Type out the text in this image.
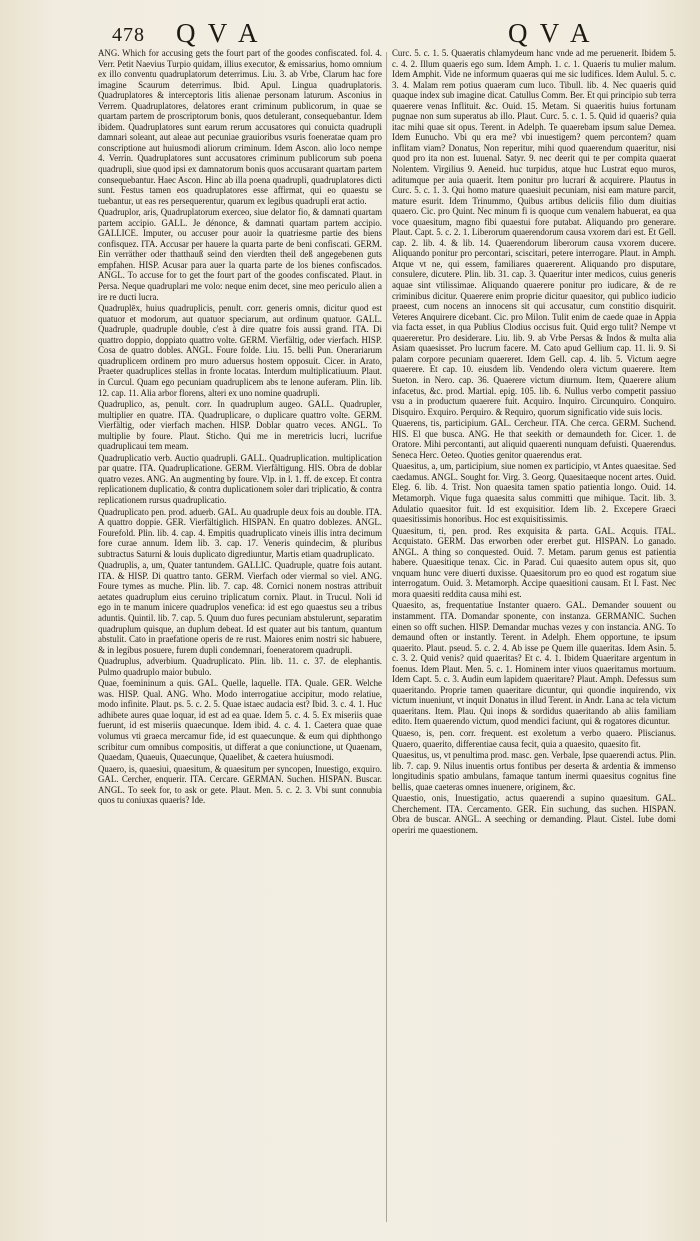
478 Q V A	Q V A

ANG. Which for accusing gets the fourt part of the goodes confiscated. fol. 4. Verr. Petit Naevius Turpio quidam, illius executor, & emissarius, homo omnium ex illo conventu quadruplatorum deterrimus. Liu. 3. ab Vrbe, Clarum hac fore imagine Scaurum deterrimus. Ibid. Apul. Lingua quadruplatoris. Quadruplatores & interceptoris litis alienae personam laturum. Asconius in Verrem. Quadruplatores, delatores erant criminum publicorum, in quae se quartam partem de proscriptorum bonis, quos detulerant, consequebantur. Idem ibidem. Quadruplatores sunt earum rerum accusatores qui conuicta quadrupli damnari soleant, aut aleae aut pecuniae grauioribus vsuris foeneratae quam pro conscriptione aut huiusmodi aliorum criminum. Idem Ascon. alio loco nempe 4. Verrin. Quadruplatores sunt accusatores criminum publicorum sub poena quadrupli, siue quod ipsi ex damnatorum bonis quos accusarant quartam partem consequebantur. Haec Ascon. Hinc ab illa poena quadrupli, quadruplatores dicti sunt. Festus tamen eos quadruplatores esse affirmat, qui eo quaestu se tuebantur, ut eas res persequerentur, quarum ex legibus quadrupli erat actio.

Quadruplor, aris, Quadruplatorum exerceo, siue delator fio, & damnati quartam partem accipio. GALL. Je dénonce, & damnati quartam partem accipio. GALLICE. Imputer, ou accuser pour auoir la quatriesme partie des biens confisquez. ITA. Accusar per hauere la quarta parte de beni confiscati. GERM. Ein verräther oder thatthauß seind den vierdten theil deß angegebenen guts empfahen. HISP. Acusar para auer la quarta parte de los bienes confiscados. ANGL. To accuse for to get the fourt part of the goodes confiscated. Plaut. in Persa. Neque quadruplari me volo: neque enim decet, sine meo periculo alien a ire re ducti lucra.

Quadruplēx, huius quadruplicis, penult. corr. generis omnis, dicitur quod est quatuor et modorum, aut quatuor speciarum, aut ordinum quatuor. GALL. Quadruple, quadruple double, c'est à dire quatre fois aussi grand. ITA. Di quattro doppio, doppiato quattro volte. GERM. Vierfältig, oder vierfach. HISP. Cosa de quatro dobles. ANGL. Foure folde. Liu. 15. belli Pun. Onerariarum quadruplicem ordinem pro muro aduersus hostem opposuit. Cicer. in Arato, Praeter quadruplices stellas in fronte locatas. Interdum multiplicatiuum. Plaut. in Curcul. Quam ego pecuniam quadruplicem abs te lenone auferam. Plin. lib. 12. cap. 11. Alia arbor florens, alteri ex uno nomine quadrupli.

Quadruplico, as, penult. corr. In quadruplum augeo. GALL. Quadrupler, multiplier en quatre. ITA. Quadruplicare, o duplicare quattro volte. GERM. Vierfältig, oder vierfach machen. HISP. Doblar quatro veces. ANGL. To multiplie by foure. Plaut. Sticho. Qui me in meretricis lucri, lucrifue quadruplicaui tem meam.

Quadruplicatio verb. Auctio quadrupli. GALL. Quadruplication. multiplication par quatre. ITA. Quadruplicatione. GERM. Vierfältigung. HIS. Obra de doblar quatro vezes. ANG. An augmenting by foure. Vlp. in l. 1. ff. de excep. Et contra replicationem duplicatio, & contra duplicationem soler dari triplicatio, & contra replicationem rursus quadruplicatio.

Quadruplicato pen. prod. aduerb. GAL. Au quadruple deux fois au double. ITA. A quattro doppie. GER. Vierfältiglich. HISPAN. En quatro doblezes. ANGL. Fourefold. Plin. lib. 4. cap. 4. Empitis quadruplicato vineis illis intra decimum fore curae annum. Idem lib. 3. cap. 17. Veneris quindecim, & pluribus subtractus Saturni & louis duplicato digrediuntur, Martis etiam quadruplicato.

Quadruplis, a, um, Quater tantundem. GALLIC. Quadruple, quatre fois autant. ITA. & HISP. Di quattro tanto. GERM. Vierfach oder viermal so viel. ANG. Foure tymes as muche. Plin. lib. 7. cap. 48. Cornici nonem nostras attribuit aetates quadruplum eius ceruino triplicatum cornix. Plaut. in Trucul. Noli id ego in te manum inicere quadruplos venefica: id est ego quaestus seu a tribus aduntis. Quintil. lib. 7. cap. 5. Quum duo fures pecuniam abstulerunt, separatim quadruplum quisque, an duplum debeat. Id est quater aut bis tantum, quantum abstulit. Cato in praefatione operis de re rust. Maiores enim nostri sic habuere, & in legibus posuere, furem dupli condemnari, foeneratorem quadrupli.

Quadruplus, adverbium. Quadruplicato. Plin. lib. 11. c. 37. de elephantis. Pulmo quadruplo maior bubulo.

Quae, foemininum a quis. GAL. Quelle, laquelle. ITA. Quale. GER. Welche was. HISP. Qual. ANG. Who. Modo interrogatiue accipitur, modo relatiue, modo infinite. Plaut. ps. 5. c. 2. 5. Quae istaec audacia est? Ibid. 3. c. 4. 1. Huc adhibete aures quae loquar, id est ad ea quae. Idem 5. c. 4. 5. Ex miseriis quae fuerunt, id est miseriis quaecunque. Idem ibid. 4. c. 4. 1. Caetera quae quae volumus vti graeca mercamur fide, id est quaecunque. & eum qui diphthongo scribitur cum omnibus compositis, ut differat a que coniunctione, ut Quaenam, Quaedam, Quaeuis, Quaecunque, Quaelibet, & caetera huiusmodi.

Quaero, is, quaesiui, quaesitum, & quaesitum per syncopen, Inuestigo, exquiro. GAL. Cercher, enquerir. ITA. Cercare. GERMAN. Suchen. HISPAN. Buscar. ANGL. To seek for, to ask or gete. Plaut. Men. 5. c. 2. 3. Vbi sunt connubia quos tu coniuxas quaeris? Ide.

Curc. 5. c. 1. 5. Quaeratis chlamydeum hanc vnde ad me peruenerit. Ibidem 5. c. 4. 2. Illum quaeris ego sum. Idem Amph. 1. c. 1. Quaeris tu mulier malum. Idem Amphit. Vide ne informum quaeras qui me sic ludifices. Idem Aulul. 5. c. 3. 4. Malam rem potius quaeram cum luco. Tibull. lib. 4. Nec quaeris quid quaque index sub imagine dicat. Catullus Comm. Ber. Et qui principio sub terra quaerere venas Inflituit. &c. Ouid. 15. Metam. Si quaeritis huius fortunam pugnae non sum superatus ab illo. Plaut. Curc. 5. c. 1. 5. Quid id quaeris? quia itac mihi quae sit opus. Terent. in Adelph. Te quaerebam ipsum salue Demea. Idem Eunucho. Vbi qu era me? vbi inuestigem? quem percontem? quam inflitam viam? Donatus, Non reperitur, mihi quod quaerendum quaeritur, nisi quod pro ita non est. Iuuenal. Satyr. 9. nec deerit qui te per compita quaerat Nolentem. Virgilius 9. Aeneid. huc turpidus, atque huc Lustrat equo muros, aditumque per auia quaerit. Item ponitur pro lucrari & acquirere. Plautus in Curc. 5. c. 1. 3. Qui homo mature quaesiuit pecuniam, nisi eam mature parcit, mature esurit. Idem Trinummo, Quibus artibus deliciis filio dum diuitias quaero. Cic. pro Quint. Nec minum fi is quoque cum venalem habuerat, ea qua voce quaesitum, magno fibi quaestui fore putabat. Aliquando pro generare. Plaut. Capt. 5. c. 2. 1. Liberorum quaerendorum causa vxorem dari est. Et Gell. cap. 2. lib. 4. & lib. 14. Quaerendorum liberorum causa vxorem ducere. Aliquando ponitur pro percontari, sciscitari, petere interrogare. Plaut. in Amph. Atque vt ne, qui essem, familiares quaererent. Aliquando pro disputare, consulere, dicutere. Plin. lib. 31. cap. 3. Quaeritur inter medicos, cuius generis aquae sint vtilissimae. Aliquando quaerere ponitur pro iudicare, & de re criminibus dicitur. Quaerere enim proprie dicitur quaesitor, qui publico iudicio praeest, cum nocens an innocens sit qui accusatur, cum constitio disquirit. Veteres Anquirere dicebant. Cic. pro Milon. Tulit enim de caede quae in Appia via facta esset, in qua Publius Clodius occisus fuit. Quid ergo tulit? Nempe vt quaereretur. Pro desiderare. Liu. lib. 9. ab Vrbe Persas & Indos & multa alia Asiam quaesisset. Pro lucrum facere. M. Cato apud Gellium cap. 11. li. 9. Si palam corpore pecuniam quaereret. Idem Gell. cap. 4. lib. 5. Victum aegre quaerere. Et cap. 10. eiusdem lib. Vendendo olera victum quaerere. Item Sueton. in Nero. cap. 36. Quaerere victum diurnum. Item, Quaerere alium infacetus, &c. prod. Martial. epig. 105. lib. 6. Nullus verbo competit passiuo vsu a in productum quaerere fuit. Acquiro. Inquiro. Circunquiro. Conquiro. Disquiro. Exquiro. Perquiro. & Requiro, quorum significatio vide suis locis.

Quaerens, tis, participium. GAL. Cercheur. ITA. Che cerca. GERM. Suchend. HIS. El que busca. ANG. He that seekith or demaundeth for. Cicer. 1. de Oratore. Mihi percontanti, aut aliquid quaerenti nunquam defuisti. Quaerendus. Seneca Herc. Oeteo. Quoties genitor quaerendus erat.

Quaesitus, a, um, participium, siue nomen ex participio, vt Antes quaesitae. Sed caedamus. ANGL. Sought for. Virg. 3. Georg. Quaesitaeque nocent artes. Ouid. Eleg. 6. lib. 4. Trist. Non quaesita tamen spatio patientia longo. Ouid. 14. Metamorph. Vique fuga quaesita salus committi que mihique. Tacit. lib. 3. Adulatio quaesitor fuit. Id est exquisitior. Idem lib. 2. Excepere Graeci quaesitissimis honoribus. Hoc est exquisitissimis.

Quaesitum, ti, pen. prod. Res exquisita & parta. GAL. Acquis. ITAL. Acquistato. GERM. Das erworben oder ererbet gut. HISPAN. Lo ganado. ANGL. A thing so conquested. Ouid. 7. Metam. parum genus est patientia habere. Quaesitique tenax. Cic. in Parad. Cui quaesito autem opus sit, quo vnquam hunc vere diuerti duxisse. Quaesitorum pro eo quod est rogatum siue interrogatum. Ouid. 3. Metamorph. Accipe quaesitioni causam. Et I. Fast. Nec mora quaesiti reddita causa mihi est.

Quaesito, as, frequentatiue Instanter quaero. GAL. Demander souuent ou instamment. ITA. Domandar sponente, con instanza. GERMANIC. Suchen einen so offt suchen. HISP. Demandar muchas vezes y con instancia. ANG. To demaund often or instantly. Terent. in Adelph. Ehem opportune, te ipsum quaerito. Plaut. pseud. 5. c. 2. 4. Ab isse pe Quem ille quaeritas. Idem Asin. 5. c. 3. 2. Quid venis? quid quaeritas? Et c. 4. 1. Ibidem Quaeritare argentum in foenus. Idem Plaut. Men. 5. c. 1. Hominem inter viuos quaeritamus mortuum. Idem Capt. 5. c. 3. Audin eum lapidem quaeritare? Plaut. Amph. Defessus sum quaeritando. Proprie tamen quaeritare dicuntur, qui quondie inquirendo, vix victum inueniunt, vt inquit Donatus in illud Terent. in Andr. Lana ac tela victum quaeritans. Item. Plau. Qui inops & sordidus quaeritando ab aliis familiam edito. Item quaerendo victum, quod mendici faciunt, qui & rogatores dicuntur.

Quaeso, is, pen. corr. frequent. est exoletum a verbo quaero. Pliscianus. Quaero, quaerito, differentiae causa fecit, quia a quaesito, quaesito fit.

Quaesitus, us, vt penultima prod. masc. gen. Verbale, Ipse quaerendi actus. Plin. lib. 7. cap. 9. Nilus inuentis ortus fontibus per deserta & ardentia & immenso longitudinis spatio ambulans, famaque tantum inermi quaesitus cognitus fine bellis, quae caeteras omnes inuenere, originem, &c.

Quaestio, onis, Inuestigatio, actus quaerendi a supino quaesitum. GAL. Cherchement. ITA. Cercamento. GER. Ein suchung, das suchen. HISPAN. Obra de buscar. ANGL. A seeching or demanding. Plaut. Cistel. Iube domi operiri me quaestionem.
